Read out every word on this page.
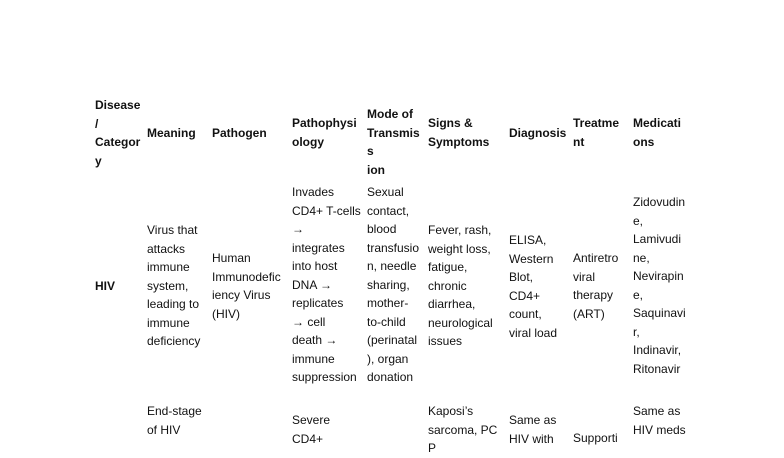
Disease
/
Categor
y
Meaning	Pathogen
Pathophysi
ology
Mode of
Transmiss
ion
Signs &
Symptoms
Diagnosis
Treatme
nt
Medicati
ons
HIV
Virus that
attacks
immune
system,
leading to
immune
deficiency
Human
Immunodefic
iency Virus
(HIV)
Invades
CD4+ T-cells
→
integrates
into host
DNA →
replicates
→ cell
death →
immune
suppression
Sexual
contact,
blood
transfusio
n, needle
sharing,
mother-
to-child
(perinatal
), organ
donation
Fever, rash,
weight loss,
fatigue,
chronic
diarrhea,
neurological
issues
ELISA,
Western
Blot,
CD4+
count,
viral load
Antiretro
viral
therapy
(ART)
Zidovudin
e,
Lamivudi
ne,
Nevirapin
e,
Saquinavi
r,
Indinavir,
Ritonavir
End-stage
of HIV
Severe
CD4+
Kaposi’s
sarcoma, PCP
Same as
HIV with	Supporti
Same as
HIV meds
